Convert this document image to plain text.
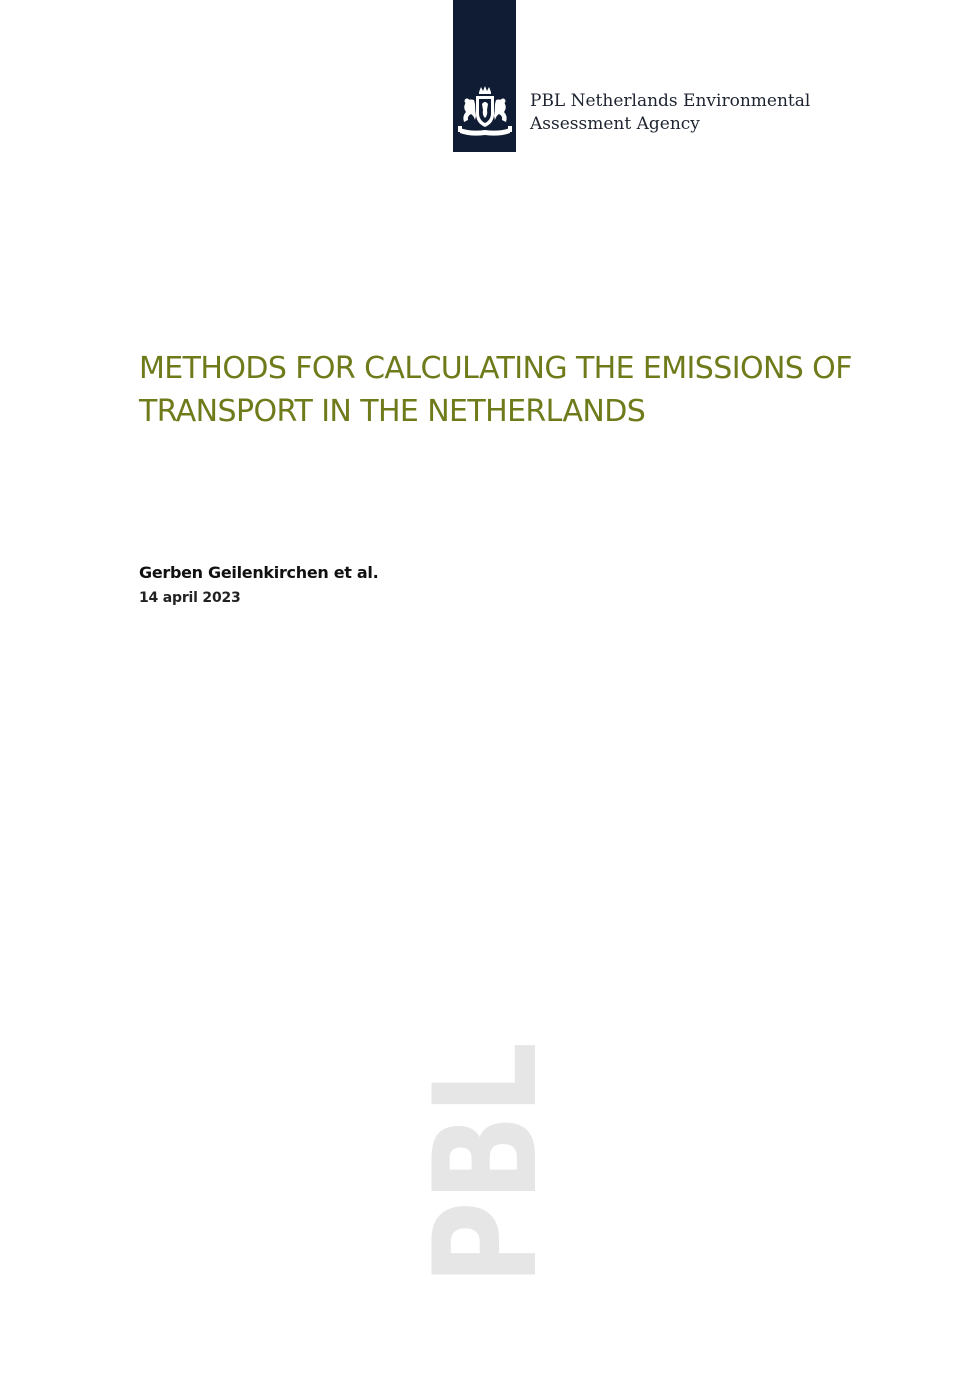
PBL Netherlands Environmental
Assessment Agency
METHODS FOR CALCULATING THE EMISSIONS OF
TRANSPORT IN THE NETHERLANDS
Gerben Geilenkirchen et al.
14 april 2023
PBL
